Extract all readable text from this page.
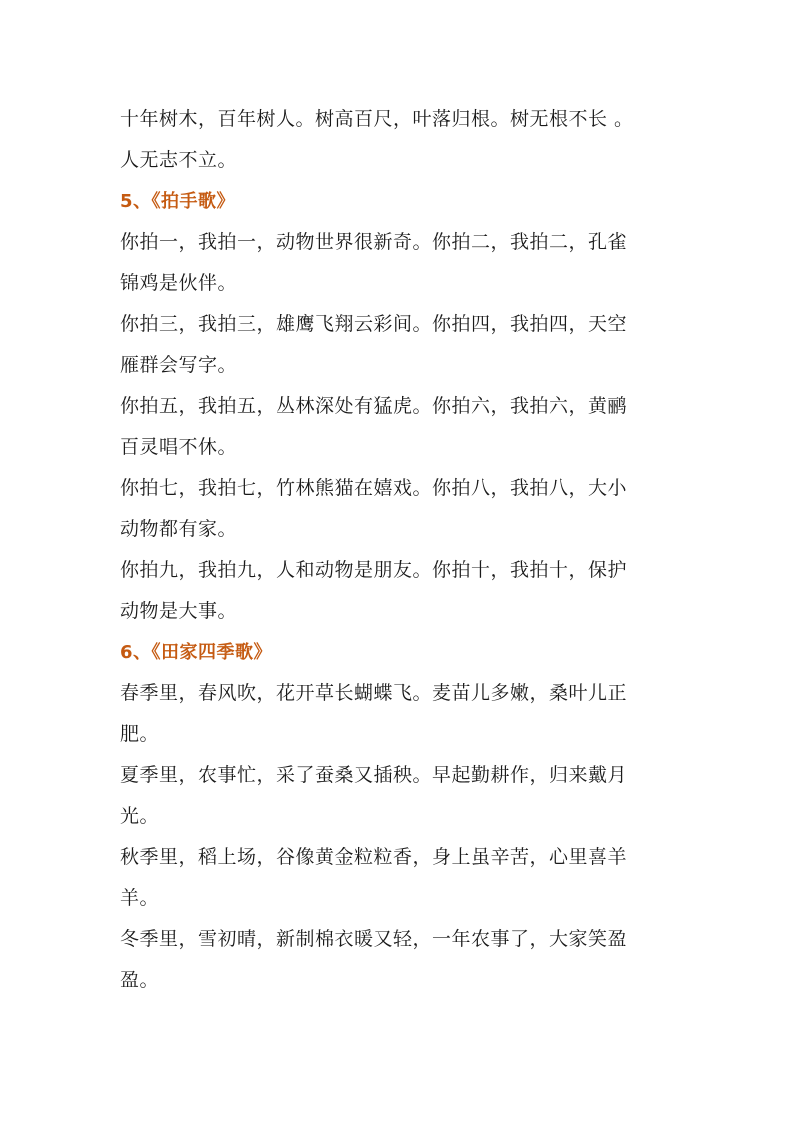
十年树木，百年树人。树高百尺，叶落归根。树无根不长 。
人无志不立。
5、《拍手歌》
你拍一，我拍一，动物世界很新奇。你拍二，我拍二，孔雀
锦鸡是伙伴。
你拍三，我拍三，雄鹰飞翔云彩间。你拍四，我拍四，天空
雁群会写字。
你拍五，我拍五，丛林深处有猛虎。你拍六，我拍六，黄鹂
百灵唱不休。
你拍七，我拍七，竹林熊猫在嬉戏。你拍八，我拍八，大小
动物都有家。
你拍九，我拍九，人和动物是朋友。你拍十，我拍十，保护
动物是大事。
6、《田家四季歌》
春季里，春风吹，花开草长蝴蝶飞。麦苗儿多嫩，桑叶儿正
肥。
夏季里，农事忙，采了蚕桑又插秧。早起勤耕作，归来戴月
光。
秋季里，稻上场，谷像黄金粒粒香，身上虽辛苦，心里喜羊
羊。
冬季里，雪初晴，新制棉衣暖又轻，一年农事了，大家笑盈
盈。
